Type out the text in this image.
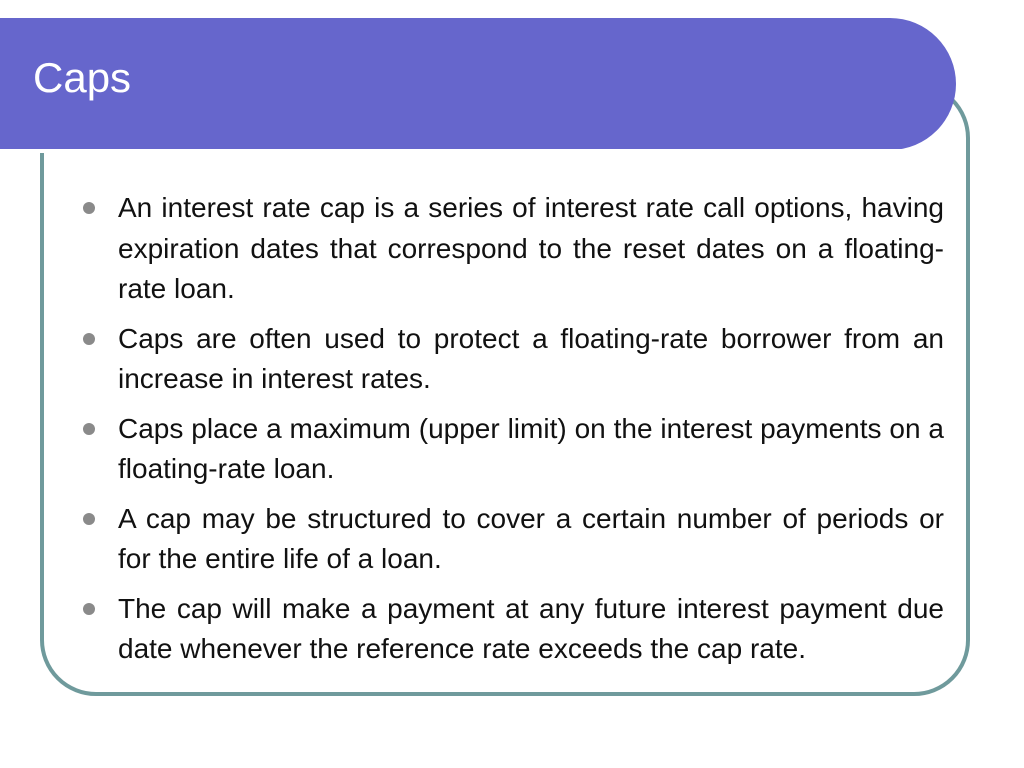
Caps
An interest rate cap is a series of interest rate call options, having expiration dates that correspond to the reset dates on a floating-rate loan.
Caps are often used to protect a floating-rate borrower from an increase in interest rates.
Caps place a maximum (upper limit) on the interest payments on a floating-rate loan.
A cap may be structured to cover a certain number of periods or for the entire life of a loan.
The cap will make a payment at any future interest payment due date whenever the reference rate exceeds the cap rate.
